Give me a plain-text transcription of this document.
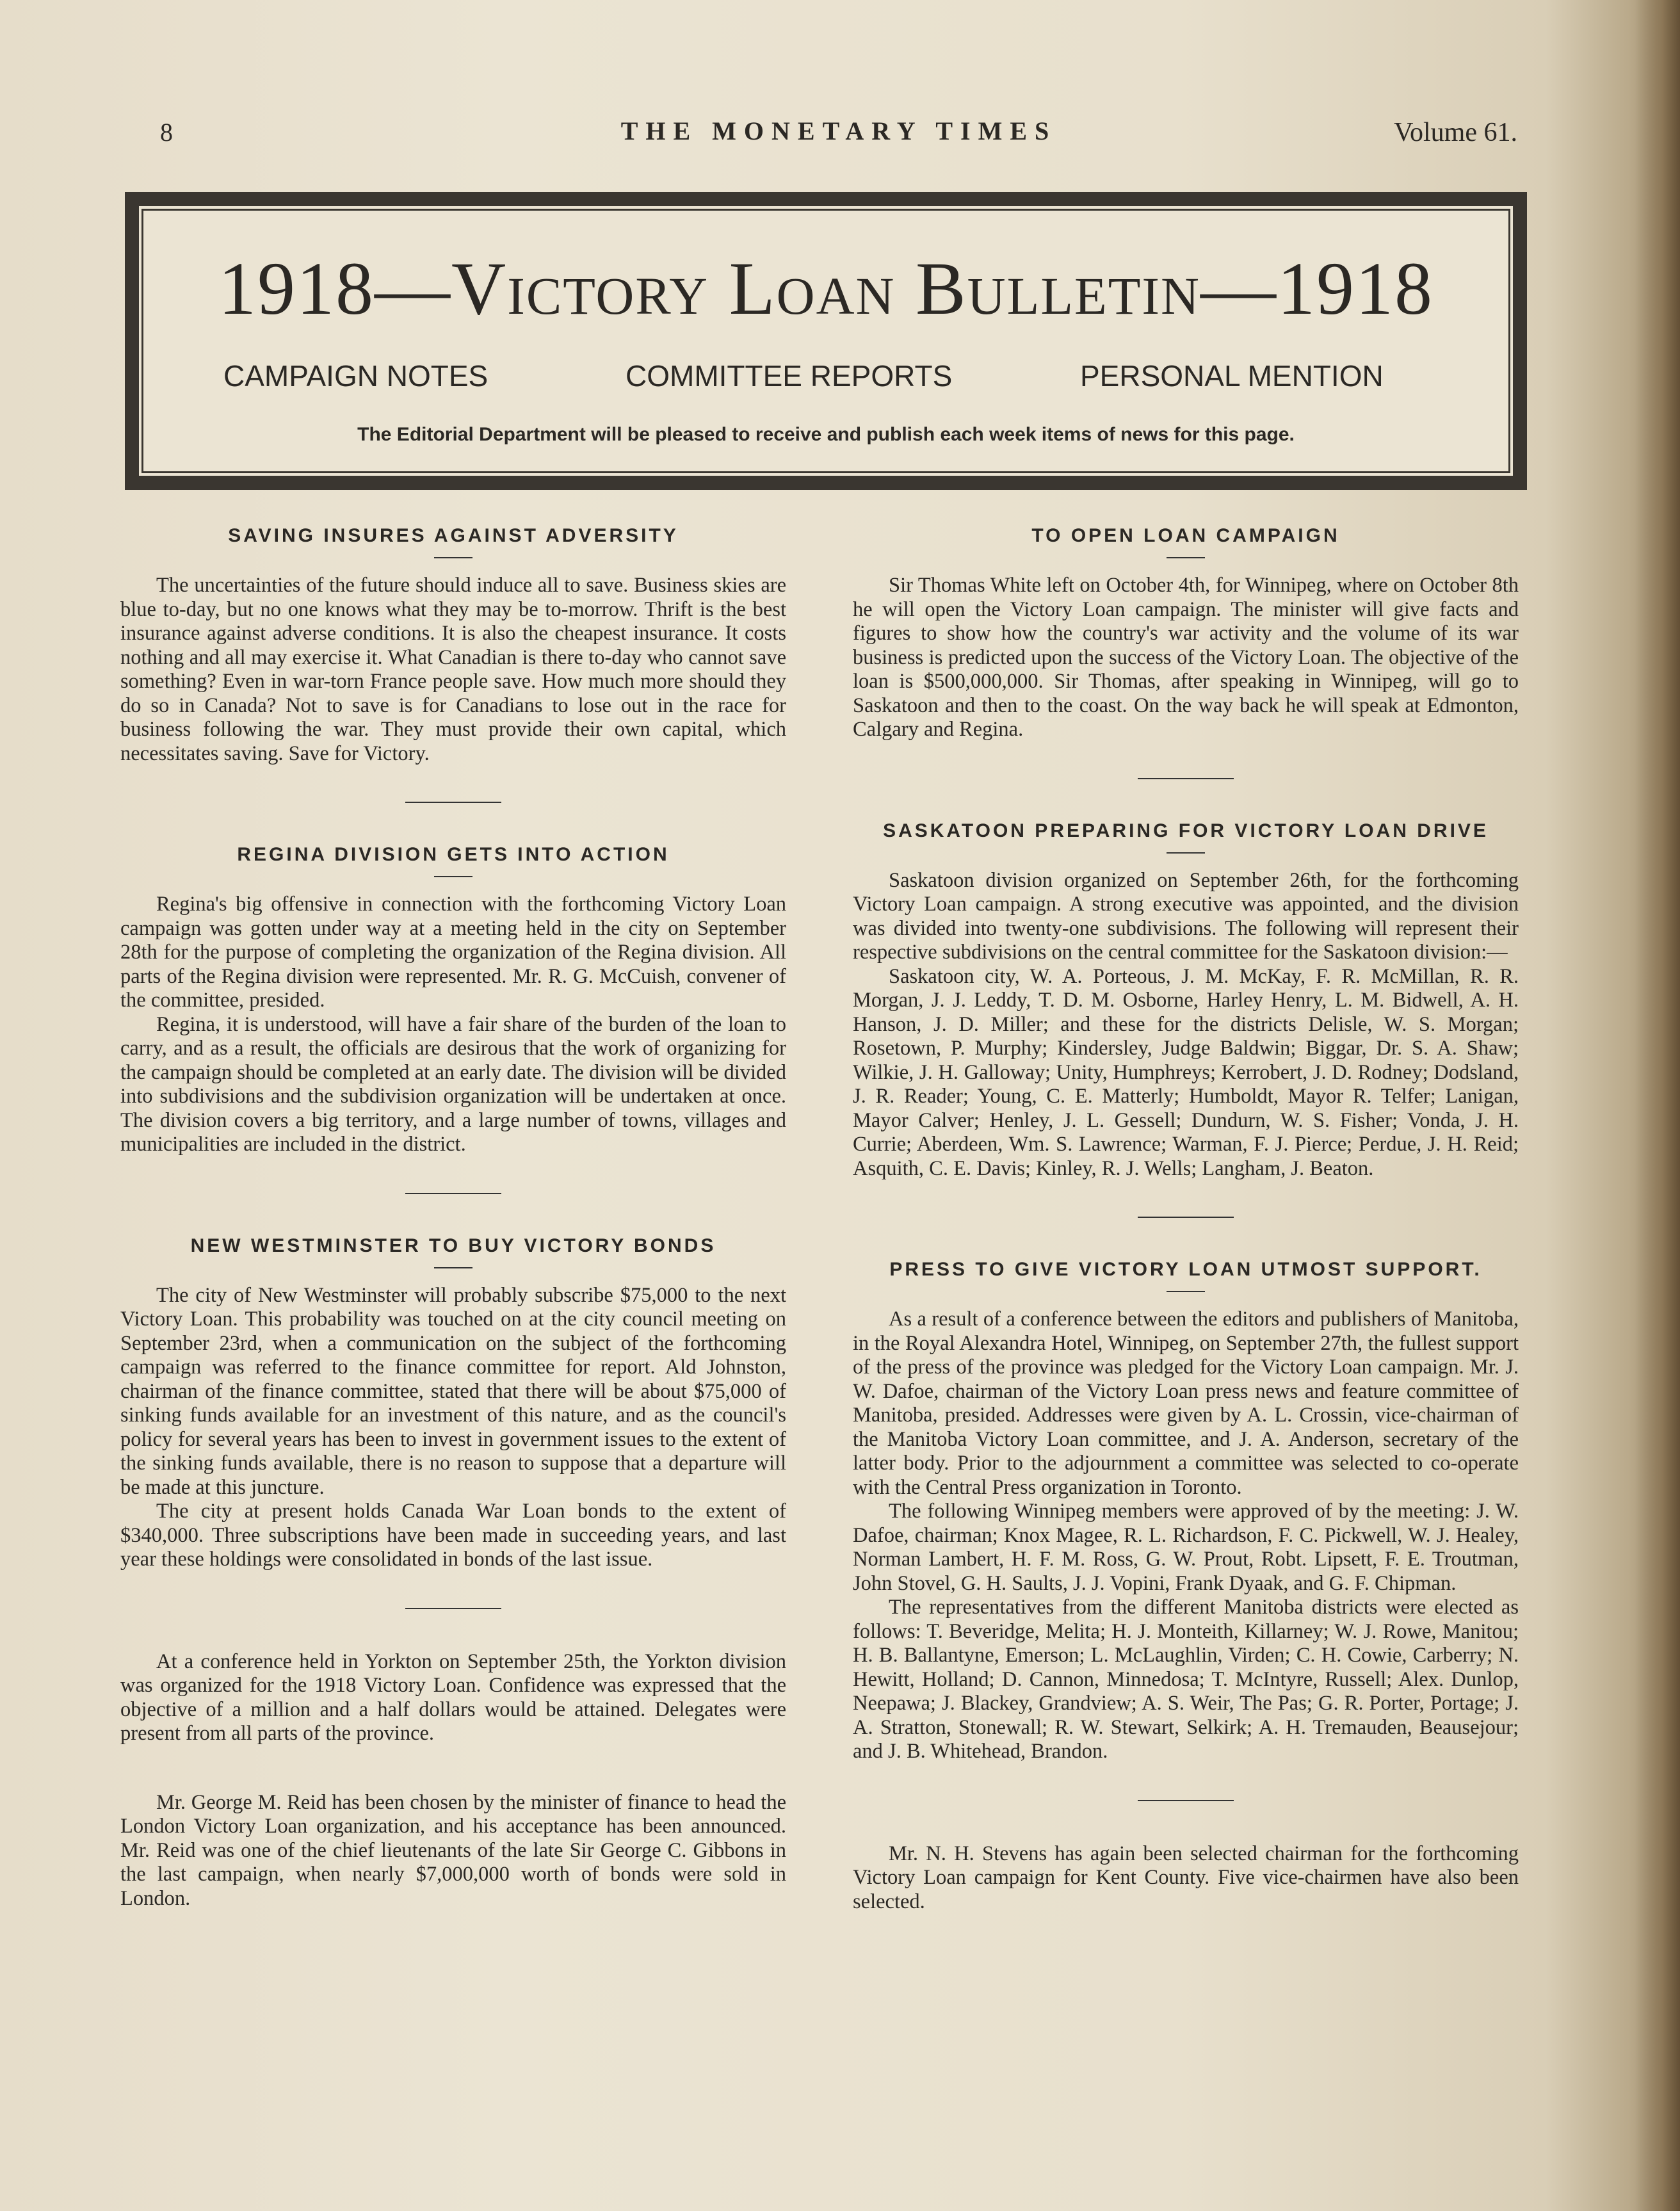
8	THE MONETARY TIMES	Volume 61.
1918—Victory Loan Bulletin—1918
CAMPAIGN NOTES	COMMITTEE REPORTS	PERSONAL MENTION
The Editorial Department will be pleased to receive and publish each week items of news for this page.
SAVING INSURES AGAINST ADVERSITY

The uncertainties of the future should induce all to save. Business skies are blue to-day, but no one knows what they may be to-morrow. Thrift is the best insurance against adverse conditions. It is also the cheapest insurance. It costs nothing and all may exercise it. What Canadian is there to-day who cannot save something? Even in war-torn France people save. How much more should they do so in Canada? Not to save is for Canadians to lose out in the race for business following the war. They must provide their own capital, which necessitates saving. Save for Victory.

REGINA DIVISION GETS INTO ACTION

Regina's big offensive in connection with the forthcoming Victory Loan campaign was gotten under way at a meeting held in the city on September 28th for the purpose of completing the organization of the Regina division. All parts of the Regina division were represented. Mr. R. G. McCuish, convener of the committee, presided.

Regina, it is understood, will have a fair share of the burden of the loan to carry, and as a result, the officials are desirous that the work of organizing for the campaign should be completed at an early date. The division will be divided into subdivisions and the subdivision organization will be undertaken at once. The division covers a big territory, and a large number of towns, villages and municipalities are included in the district.

NEW WESTMINSTER TO BUY VICTORY BONDS

The city of New Westminster will probably subscribe $75,000 to the next Victory Loan. This probability was touched on at the city council meeting on September 23rd, when a communication on the subject of the forthcoming campaign was referred to the finance committee for report. Ald Johnston, chairman of the finance committee, stated that there will be about $75,000 of sinking funds available for an investment of this nature, and as the council's policy for several years has been to invest in government issues to the extent of the sinking funds available, there is no reason to suppose that a departure will be made at this juncture.

The city at present holds Canada War Loan bonds to the extent of $340,000. Three subscriptions have been made in succeeding years, and last year these holdings were consolidated in bonds of the last issue.

At a conference held in Yorkton on September 25th, the Yorkton division was organized for the 1918 Victory Loan. Confidence was expressed that the objective of a million and a half dollars would be attained. Delegates were present from all parts of the province.

Mr. George M. Reid has been chosen by the minister of finance to head the London Victory Loan organization, and his acceptance has been announced. Mr. Reid was one of the chief lieutenants of the late Sir George C. Gibbons in the last campaign, when nearly $7,000,000 worth of bonds were sold in London.

TO OPEN LOAN CAMPAIGN

Sir Thomas White left on October 4th, for Winnipeg, where on October 8th he will open the Victory Loan campaign. The minister will give facts and figures to show how the country's war activity and the volume of its war business is predicted upon the success of the Victory Loan. The objective of the loan is $500,000,000. Sir Thomas, after speaking in Winnipeg, will go to Saskatoon and then to the coast. On the way back he will speak at Edmonton, Calgary and Regina.

SASKATOON PREPARING FOR VICTORY LOAN DRIVE

Saskatoon division organized on September 26th, for the forthcoming Victory Loan campaign. A strong executive was appointed, and the division was divided into twenty-one subdivisions. The following will represent their respective subdivisions on the central committee for the Saskatoon division:—

Saskatoon city, W. A. Porteous, J. M. McKay, F. R. McMillan, R. R. Morgan, J. J. Leddy, T. D. M. Osborne, Harley Henry, L. M. Bidwell, A. H. Hanson, J. D. Miller; and these for the districts Delisle, W. S. Morgan; Rosetown, P. Murphy; Kindersley, Judge Baldwin; Biggar, Dr. S. A. Shaw; Wilkie, J. H. Galloway; Unity, Humphreys; Kerrobert, J. D. Rodney; Dodsland, J. R. Reader; Young, C. E. Matterly; Humboldt, Mayor R. Telfer; Lanigan, Mayor Calver; Henley, J. L. Gessell; Dundurn, W. S. Fisher; Vonda, J. H. Currie; Aberdeen, Wm. S. Lawrence; Warman, F. J. Pierce; Perdue, J. H. Reid; Asquith, C. E. Davis; Kinley, R. J. Wells; Langham, J. Beaton.

PRESS TO GIVE VICTORY LOAN UTMOST SUPPORT.

As a result of a conference between the editors and publishers of Manitoba, in the Royal Alexandra Hotel, Winnipeg, on September 27th, the fullest support of the press of the province was pledged for the Victory Loan campaign. Mr. J. W. Dafoe, chairman of the Victory Loan press news and feature committee of Manitoba, presided. Addresses were given by A. L. Crossin, vice-chairman of the Manitoba Victory Loan committee, and J. A. Anderson, secretary of the latter body. Prior to the adjournment a committee was selected to co-operate with the Central Press organization in Toronto.

The following Winnipeg members were approved of by the meeting: J. W. Dafoe, chairman; Knox Magee, R. L. Richardson, F. C. Pickwell, W. J. Healey, Norman Lambert, H. F. M. Ross, G. W. Prout, Robt. Lipsett, F. E. Troutman, John Stovel, G. H. Saults, J. J. Vopini, Frank Dyaak, and G. F. Chipman.

The representatives from the different Manitoba districts were elected as follows: T. Beveridge, Melita; H. J. Monteith, Killarney; W. J. Rowe, Manitou; H. B. Ballantyne, Emerson; L. McLaughlin, Virden; C. H. Cowie, Carberry; N. Hewitt, Holland; D. Cannon, Minnedosa; T. McIntyre, Russell; Alex. Dunlop, Neepawa; J. Blackey, Grandview; A. S. Weir, The Pas; G. R. Porter, Portage; J. A. Stratton, Stonewall; R. W. Stewart, Selkirk; A. H. Tremauden, Beausejour; and J. B. Whitehead, Brandon.

Mr. N. H. Stevens has again been selected chairman for the forthcoming Victory Loan campaign for Kent County. Five vice-chairmen have also been selected.
